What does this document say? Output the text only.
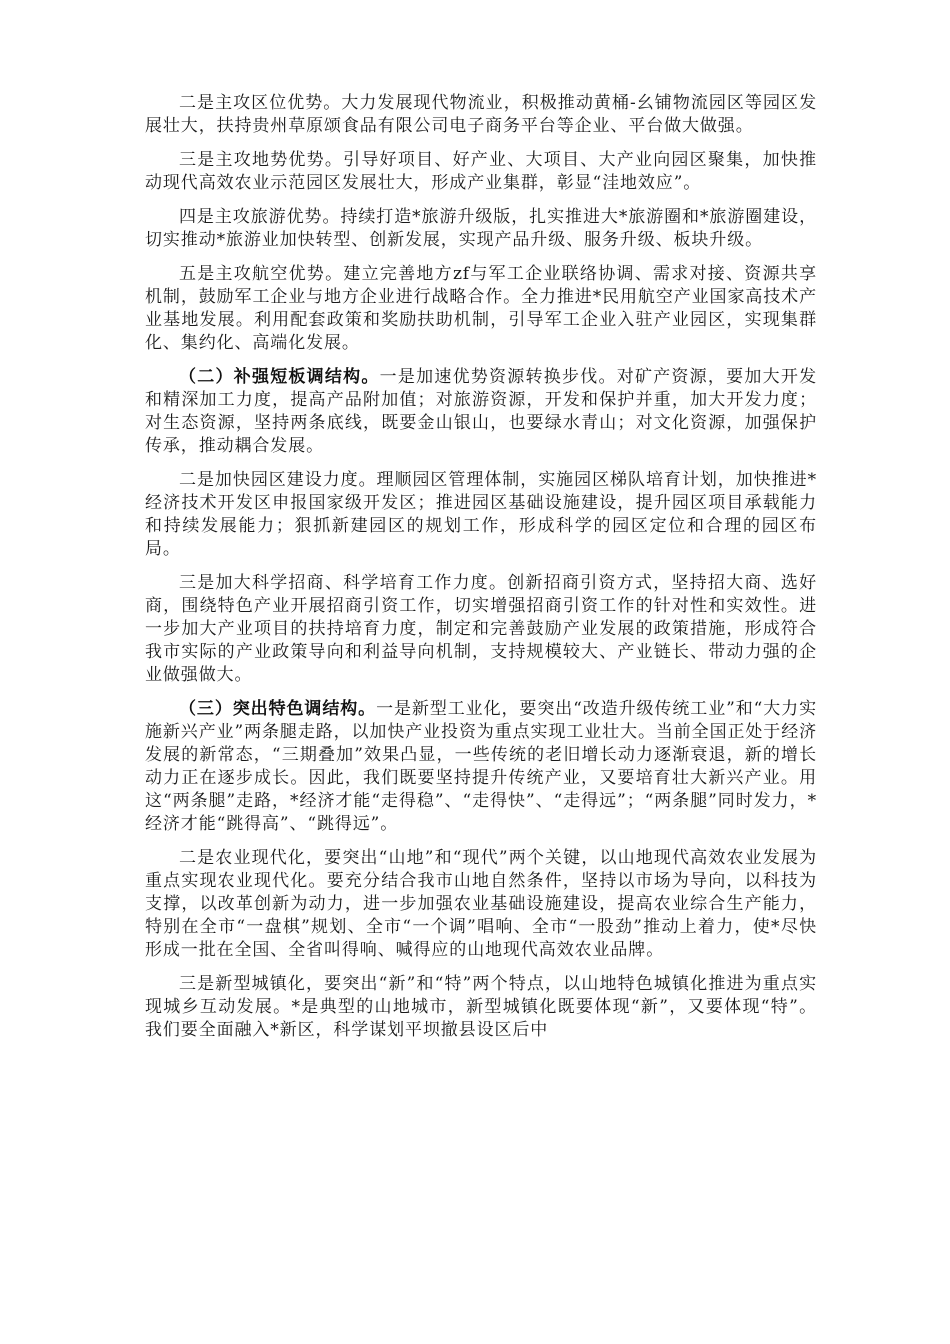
二是主攻区位优势。大力发展现代物流业，积极推动黄桶-幺铺物流园区等园区发展壮大，扶持贵州草原颂食品有限公司电子商务平台等企业、平台做大做强。

三是主攻地势优势。引导好项目、好产业、大项目、大产业向园区聚集，加快推动现代高效农业示范园区发展壮大，形成产业集群，彰显“洼地效应”。

四是主攻旅游优势。持续打造*旅游升级版，扎实推进大*旅游圈和*旅游圈建设，切实推动*旅游业加快转型、创新发展，实现产品升级、服务升级、板块升级。

五是主攻航空优势。建立完善地方zf与军工企业联络协调、需求对接、资源共享机制，鼓励军工企业与地方企业进行战略合作。全力推进*民用航空产业国家高技术产业基地发展。利用配套政策和奖励扶助机制，引导军工企业入驻产业园区，实现集群化、集约化、高端化发展。

（二）补强短板调结构。一是加速优势资源转换步伐。对矿产资源，要加大开发和精深加工力度，提高产品附加值；对旅游资源，开发和保护并重，加大开发力度；对生态资源，坚持两条底线，既要金山银山，也要绿水青山；对文化资源，加强保护传承，推动耦合发展。

二是加快园区建设力度。理顺园区管理体制，实施园区梯队培育计划，加快推进*经济技术开发区申报国家级开发区；推进园区基础设施建设，提升园区项目承载能力和持续发展能力；狠抓新建园区的规划工作，形成科学的园区定位和合理的园区布局。

三是加大科学招商、科学培育工作力度。创新招商引资方式，坚持招大商、选好商，围绕特色产业开展招商引资工作，切实增强招商引资工作的针对性和实效性。进一步加大产业项目的扶持培育力度，制定和完善鼓励产业发展的政策措施，形成符合我市实际的产业政策导向和利益导向机制，支持规模较大、产业链长、带动力强的企业做强做大。

（三）突出特色调结构。一是新型工业化，要突出“改造升级传统工业”和“大力实施新兴产业”两条腿走路，以加快产业投资为重点实现工业壮大。当前全国正处于经济发展的新常态，“三期叠加”效果凸显，一些传统的老旧增长动力逐渐衰退，新的增长动力正在逐步成长。因此，我们既要坚持提升传统产业，又要培育壮大新兴产业。用这“两条腿”走路，*经济才能“走得稳”、“走得快”、“走得远”；“两条腿”同时发力，*经济才能“跳得高”、“跳得远”。

二是农业现代化，要突出“山地”和“现代”两个关键，以山地现代高效农业发展为重点实现农业现代化。要充分结合我市山地自然条件，坚持以市场为导向，以科技为支撑，以改革创新为动力，进一步加强农业基础设施建设，提高农业综合生产能力，特别在全市“一盘棋”规划、全市“一个调”唱响、全市“一股劲”推动上着力，使*尽快形成一批在全国、全省叫得响、喊得应的山地现代高效农业品牌。

三是新型城镇化，要突出“新”和“特”两个特点，以山地特色城镇化推进为重点实现城乡互动发展。*是典型的山地城市，新型城镇化既要体现“新”，又要体现“特”。我们要全面融入*新区，科学谋划平坝撤县设区后中
